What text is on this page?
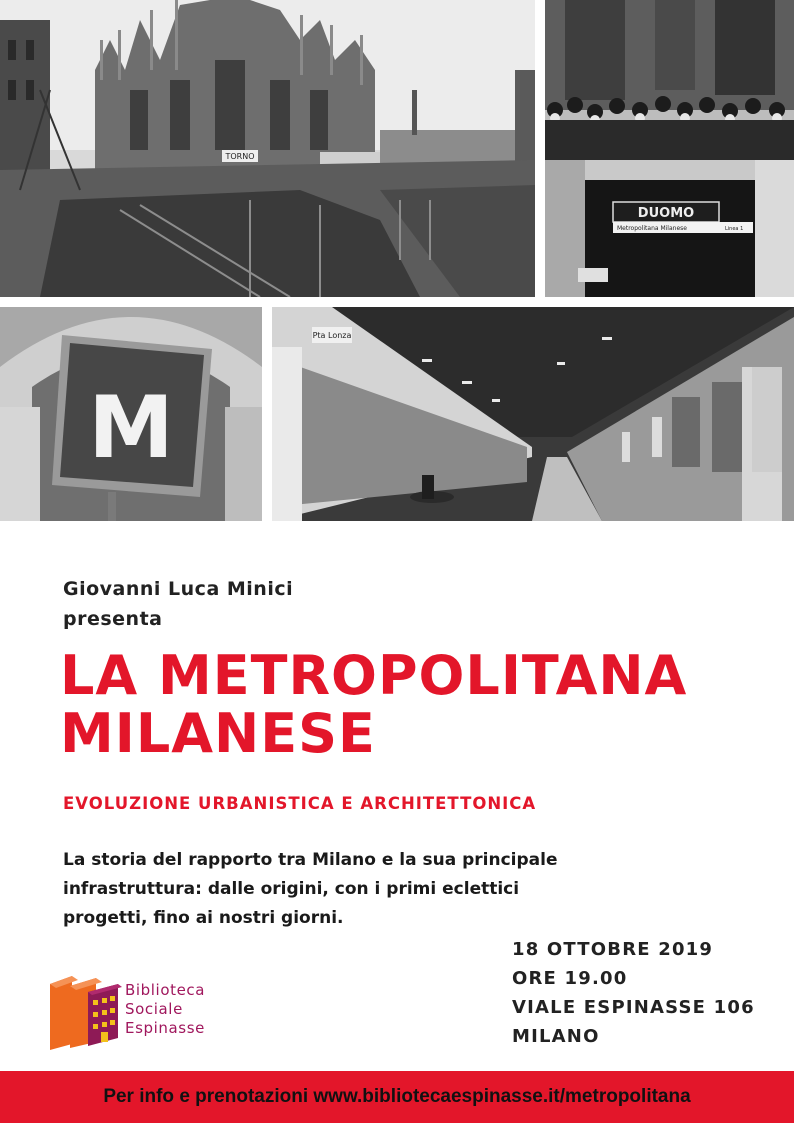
TORNO
DUOMO
Metropolitana Milanese	Linea 1
M
Pta Lonza
Giovanni Luca Minici
presenta
LA METROPOLITANA
MILANESE
EVOLUZIONE URBANISTICA E ARCHITETTONICA
La storia del rapporto tra Milano e la sua principale
infrastruttura: dalle origini, con i primi eclettici
progetti, fino ai nostri giorni.
18 OTTOBRE 2019
ORE 19.00
VIALE ESPINASSE 106
MILANO
Biblioteca
Sociale
Espinasse
Per info e prenotazioni www.bibliotecaespinasse.it/metropolitana
